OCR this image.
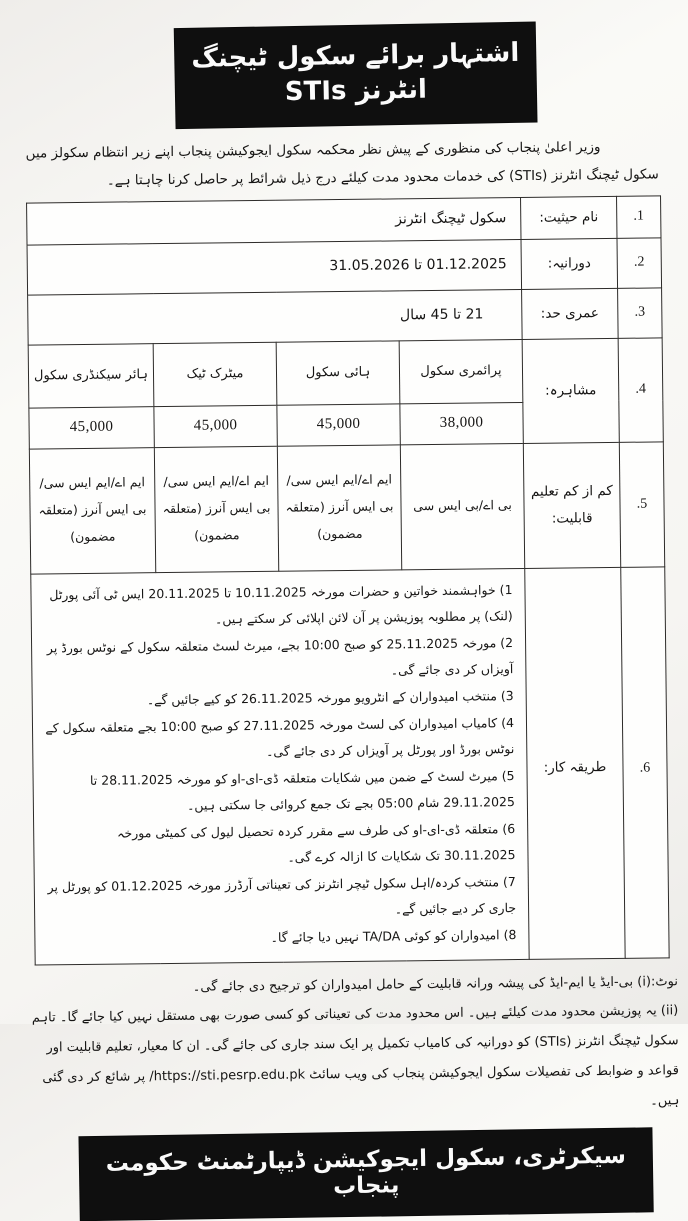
اشتہار برائے سکول ٹیچنگ انٹرنز STIs

وزیر اعلیٰ پنجاب کی منظوری کے پیش نظر محکمہ سکول ایجوکیشن پنجاب اپنے زیر انتظام سکولز میں سکول ٹیچنگ انٹرنز (STIs) کی خدمات محدود مدت کیلئے درج ذیل شرائط پر حاصل کرنا چاہتا ہے۔

1.	نام حیثیت:	سکول ٹیچنگ انٹرنز			
2.	دورانیہ:	01.12.2025 تا 31.05.2026			
3.	عمری حد:	21 تا 45 سال			
4.	مشاہرہ:	پرائمری سکول	ہائی سکول	میٹرک ٹیک	ہائر سیکنڈری سکول
		38,000	45,000	45,000	45,000
5.	کم از کم تعلیم قابلیت:	بی اے/بی ایس سی	ایم اے/ایم ایس سی/بی ایس آنرز (متعلقہ مضمون)	ایم اے/ایم ایس سی/بی ایس آنرز (متعلقہ مضمون)	ایم اے/ایم ایس سی/بی ایس آنرز (متعلقہ مضمون)
6.	طریقہ کار:	
1) خواہشمند خواتین و حضرات مورخہ 10.11.2025 تا 20.11.2025 ایس ٹی آئی پورٹل (لنک) پر مطلوبہ پوزیشن پر آن لائن اپلائی کر سکتے ہیں۔
2) مورخہ 25.11.2025 کو صبح 10:00 بجے، میرٹ لسٹ متعلقہ سکول کے نوٹس بورڈ پر آویزاں کر دی جائے گی۔
3) منتخب امیدواران کے انٹرویو مورخہ 26.11.2025 کو کیے جائیں گے۔
4) کامیاب امیدواران کی لسٹ مورخہ 27.11.2025 کو صبح 10:00 بجے متعلقہ سکول کے نوٹس بورڈ اور پورٹل پر آویزاں کر دی جائے گی۔
5) میرٹ لسٹ کے ضمن میں شکایات متعلقہ ڈی-ای-او کو مورخہ 28.11.2025 تا 29.11.2025 شام 05:00 بجے تک جمع کروائی جا سکتی ہیں۔
6) متعلقہ ڈی-ای-او کی طرف سے مقرر کردہ تحصیل لیول کی کمیٹی مورخہ 30.11.2025 تک شکایات کا ازالہ کرے گی۔
7) منتخب کردہ/اہل سکول ٹیچر انٹرنز کی تعیناتی آرڈرز مورخہ 01.12.2025 کو پورٹل پر جاری کر دیے جائیں گے۔
8) امیدواران کو کوئی TA/DA نہیں دیا جائے گا۔

نوٹ:(i) بی-ایڈ یا ایم-ایڈ کی پیشہ ورانہ قابلیت کے حامل امیدواران کو ترجیح دی جائے گی۔

(ii) یہ پوزیشن محدود مدت کیلئے ہیں۔ اس محدود مدت کی تعیناتی کو کسی صورت بھی مستقل نہیں کیا جائے گا۔ تاہم سکول ٹیچنگ انٹرنز (STIs) کو دورانیہ کی کامیاب تکمیل پر ایک سند جاری کی جائے گی۔ ان کا معیار، تعلیم قابلیت اور قواعد و ضوابط کی تفصیلات سکول ایجوکیشن پنجاب کی ویب سائٹ https://sti.pesrp.edu.pk/ پر شائع کر دی گئی ہیں۔

سیکرٹری، سکول ایجوکیشن ڈیپارٹمنٹ حکومت پنجاب
